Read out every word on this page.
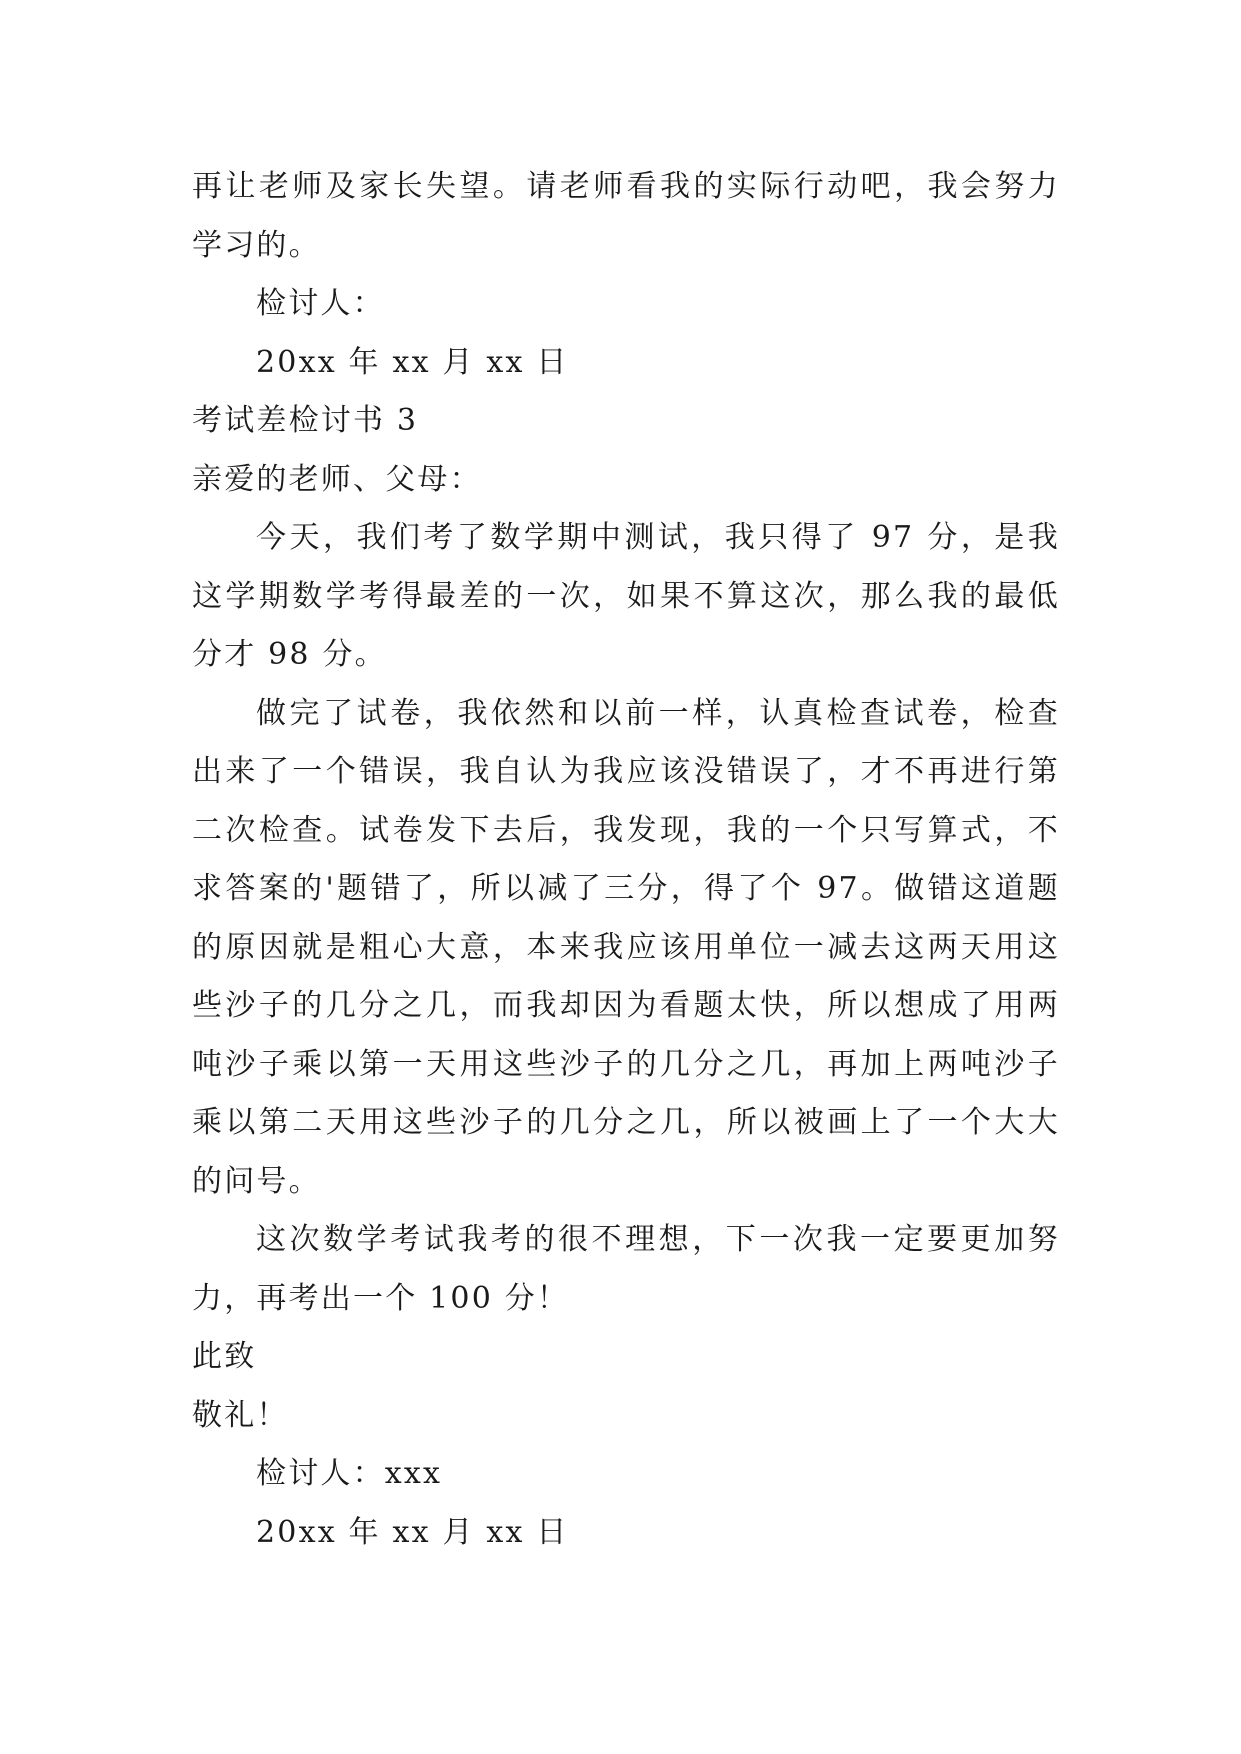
再让老师及家长失望。请老师看我的实际行动吧，我会努力学习的。

检讨人：

20xx 年 xx 月 xx 日

考试差检讨书 3

亲爱的老师、父母：

今天，我们考了数学期中测试，我只得了 97 分，是我这学期数学考得最差的一次，如果不算这次，那么我的最低分才 98 分。

做完了试卷，我依然和以前一样，认真检查试卷，检查出来了一个错误，我自认为我应该没错误了，才不再进行第二次检查。试卷发下去后，我发现，我的一个只写算式，不求答案的'题错了，所以减了三分，得了个 97。做错这道题的原因就是粗心大意，本来我应该用单位一减去这两天用这些沙子的几分之几，而我却因为看题太快，所以想成了用两吨沙子乘以第一天用这些沙子的几分之几，再加上两吨沙子乘以第二天用这些沙子的几分之几，所以被画上了一个大大的问号。

这次数学考试我考的很不理想，下一次我一定要更加努力，再考出一个 100 分！

此致

敬礼！

检讨人：xxx

20xx 年 xx 月 xx 日
